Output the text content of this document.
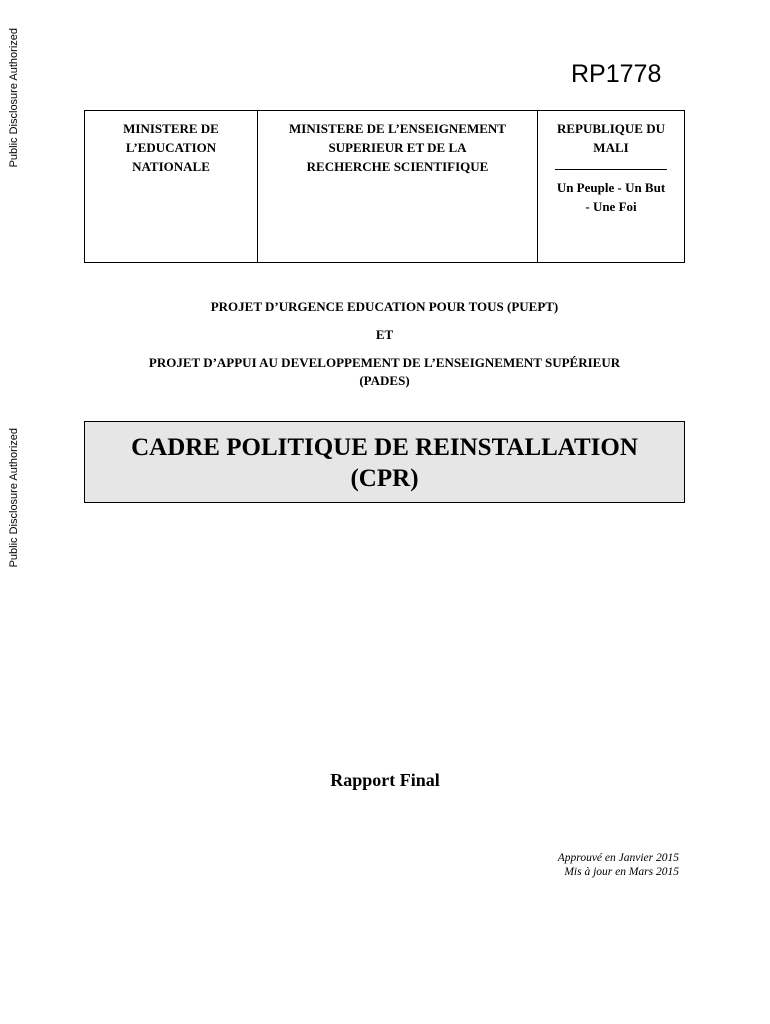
Public Disclosure Authorized
Public Disclosure Authorized
RP1778
MINISTERE DE
L’EDUCATION
NATIONALE
MINISTERE DE L’ENSEIGNEMENT
SUPERIEUR ET DE LA
RECHERCHE SCIENTIFIQUE
REPUBLIQUE DU
MALI
Un Peuple - Un But
- Une Foi
PROJET D’URGENCE EDUCATION POUR TOUS (PUEPT)
ET
PROJET D’APPUI AU DEVELOPPEMENT DE L’ENSEIGNEMENT SUPÉRIEUR
(PADES)
CADRE POLITIQUE DE REINSTALLATION
(CPR)
Rapport Final
Approuvé en Janvier 2015
Mis à jour en Mars 2015
